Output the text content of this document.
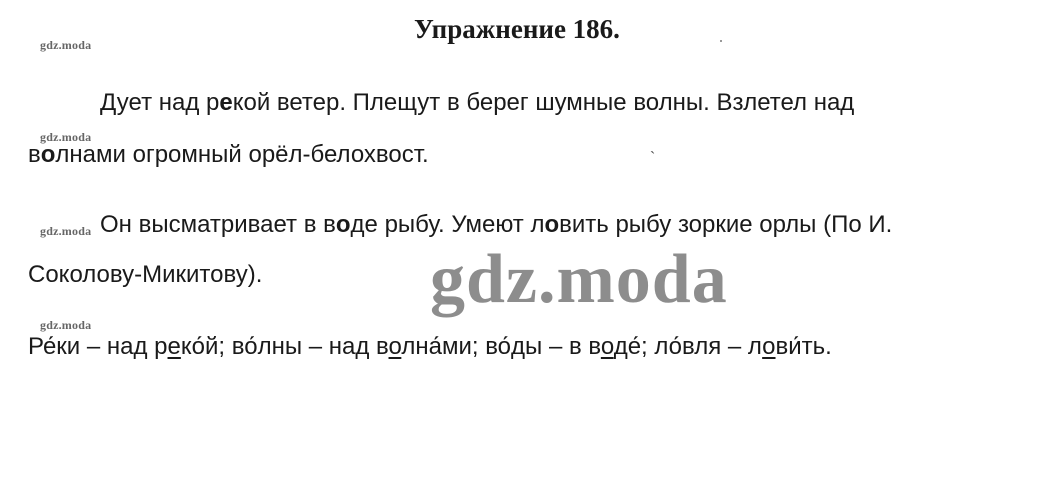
Упражнение 186.
`
gdz.moda
gdz.moda
gdz.moda
gdz.moda
gdz.moda
Дует над рекой ветер. Плещут в берег шумные волны. Взлетел над
волнами огромный орёл-белохвост.
Он высматривает в воде рыбу. Умеют ловить рыбу зоркие орлы (По И.
Соколову-Микитову).
Ре́ки – над реко́й; во́лны – над волна́ми; во́ды – в воде́; ло́вля – лови́ть.
